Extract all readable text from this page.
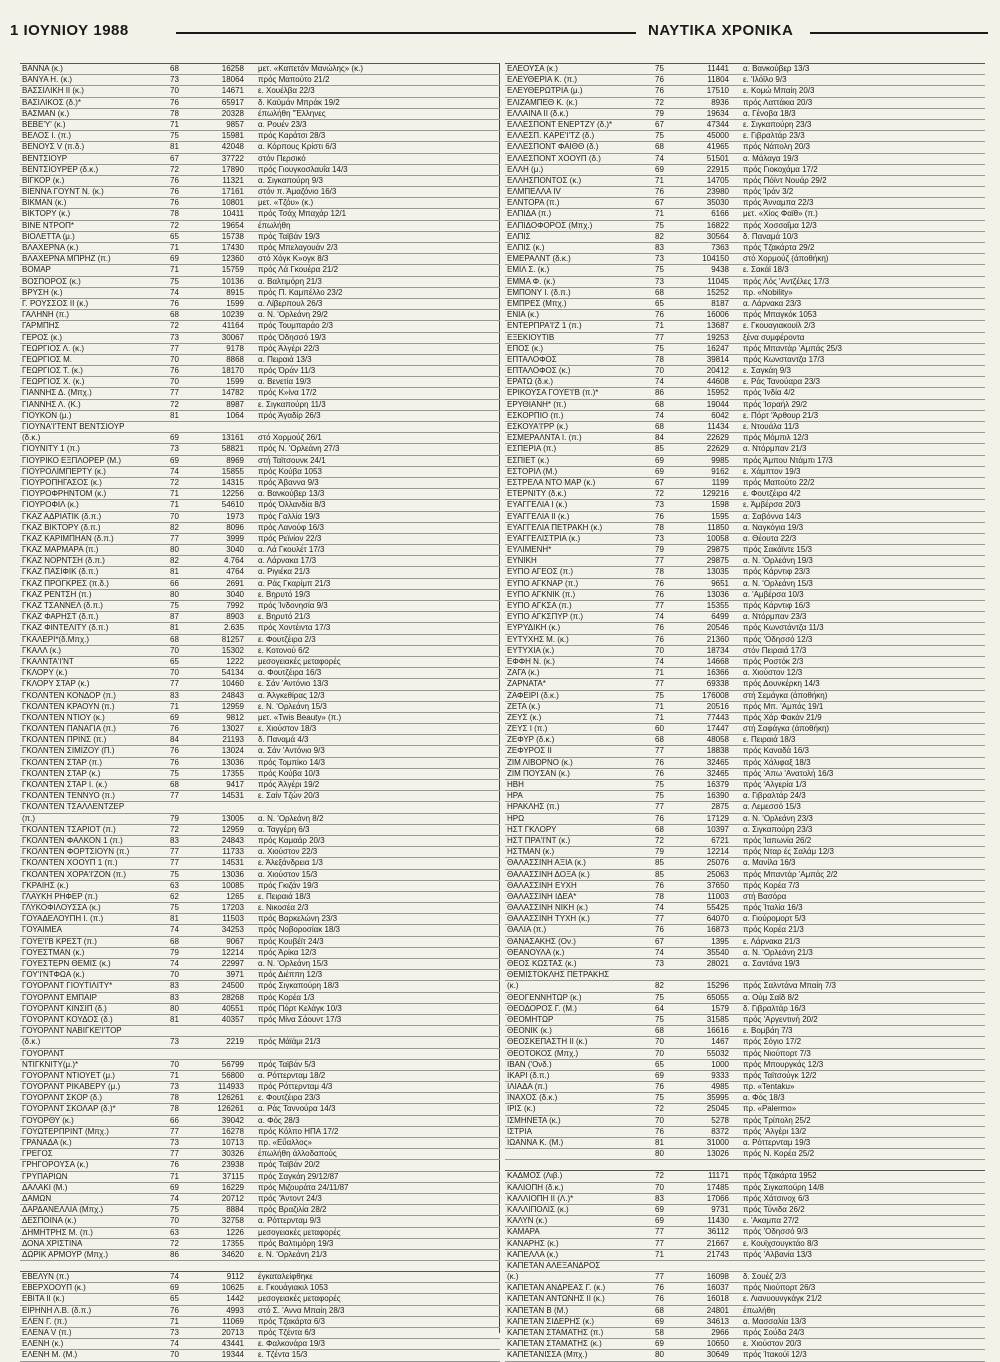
1 ΙΟΥΝΙΟΥ 1988	ΝΑΥΤΙΚΑ ΧΡΟΝΙΚΑ
ΒΑΝΝΑ (κ.)	68	16258 μετ. «Καπετάν Μανώλης» (κ.)
ΒΑΝΥΑ Η. (κ.)	73	18064 πρός Μαπούτο 21/2
ΒΑΣΣΙΛΙΚΗ ΙΙ (κ.)	70	14671 ε. Χουέλβα 22/3
ΒΑΣΙΛΙΚΟΣ (δ.)*	76	65917 δ. Καϋμάν Μπράκ 19/2
ΒΑΣΜΑΝ (κ.)	78	20328 έπωλήθη "Έλληνες
ΒΕΒΕ'Υ' (κ.)	71	9857 α. Ρουέν 23/3
ΒΕΛΟΣ Ι. (π.)	75	15981 πρός Καράτσι 28/3
ΒΕΝΟΥΣ V (π.δ.)	81	42048 α. Κόρπους Κρίστι 6/3
ΒΕΝΤΣΙΟΥΡ	67	37722 στόν Περσικό
ΒΕΝΤΣΙΟΥΡΕΡ (δ.κ.)	72	17890 πρός Γιουγκοσλαυΐα 14/3
ΒΙΓΚΟΡ (κ.)	76	11321 α. Σιγκαπούρη 9/3
ΒΙΕΝΝΑ ΓΟΥΝΤ Ν. (κ.)	76	17161 στόν π. Άμαζόνιο 16/3
ΒΙΚΜΑΝ (κ.)	76	10801 μετ. «Τζόυ» (κ.)
ΒΙΚΤΟΡΥ (κ.)	78	10411 πρός Τσάχ Μπαχάρ 12/1
ΒΙΝΕ ΝΤΡΟΠ*	72	19654 έπωλήθη
ΒΙΟΛΕΤΤΑ (μ.)	65	15738 πρός Ταϊβάν 19/3
ΒΛΑΧΕΡΝΑ (κ.)	71	17430 πρός Μπελαγουάν 2/3
ΒΛΑΧΕΡΝΑ ΜΠΡΗΖ (π.)	69	12360 στό Χόγκ Κ»ογκ 8/3
ΒΟΜΑΡ	71	15759 πρός Λά Γκουέρα 21/2
ΒΟΣΠΟΡΟΣ (κ.)	75	10136 α. Βαλτιμόρη 21/3
ΒΡΥΣΗ (κ.)	74	8915 πρός Π. Καμπέλλο 23/2
Γ. ΡΟΥΣΣΟΣ ΙΙ (κ.)	76	1599 α. Λίβερπουλ 26/3
ΓΑΛΗΝΗ (π.)	68	10239 α. Ν. 'Ορλεάνη 29/2
ΓΑΡΜΠΗΣ	72	41164 πρός Τουμπαράο 2/3
ΓΕΡΟΣ (κ.)	73	30067 πρός Όδησσό 19/3
ΓΕΩΡΓΙΟΣ Λ. (κ.)	77	9178 πρός Άλγέρι 22/3
ΓΕΩΡΓΙΟΣ Μ.	70	8868 α. Πειραιά 13/3
ΓΕΩΡΓΙΟΣ Τ. (κ.)	76	18170 πρός Όράν 11/3
ΓΕΩΡΓΙΟΣ Χ. (κ.)	70	1599 α. Βενετία 19/3
ΓΙΑΝΝΗΣ Δ. (Μπχ.)	77	14782 πρός Κ»ίνα 17/2
ΓΙΑΝΝΗΣ Λ. (Κ.)	72	8987 ε. Σιγκαπούρη 11/3
ΓΙΟΥΚΟΝ (μ.)	81	1064 πρός Άγαδίρ 26/3
ΓΙΟΥΝΑ'Ι'ΤΕΝΤ ΒΕΝΤΣΙΟΥΡ
(δ.κ.)	69	13161 στό Χορμούζ 26/1
ΓΙΟΥΝΙΤΥ 1 (π.)	73	58821 πρός Ν. 'Ορλεάνη 27/3
ΓΙΟΥΡΙΚΟ ΕΞΠΛΟΡΕΡ (Μ.)	69	8969 στή Ταϊτσουνκ 24/1
ΓΙΟΥΡΟΛΙΜΠΕΡΤΥ (κ.)	74	15855 πρός Κούβα 1053
ΓΙΟΥΡΟΠΗΓΑΣΟΣ (κ.)	72	14315 πρός Άβαννα 9/3
ΓΙΟΥΡΟΦΡΗΝΤΟΜ (κ.)	71	12256 α. Βανκούβερ 13/3
ΓΙΟΥΡΟΦΙΛ (κ.)	71	54610 πρός Όλλανδία 8/3
ΓΚΑΖ ΑΔΡΙΑΤΙΚ (δ.π.)	70	1973 πρός Γαλλία 19/3
ΓΚΑΖ ΒΙΚΤΟΡΥ (δ.π.)	82	8096 πρός Λανούφ 16/3
ΓΚΑΖ ΚΑΡΙΜΠΗΑΝ (δ.π.)	77	3999 πρός Ρεϊνίον 22/3
ΓΚΑΖ ΜΑΡΜΑΡΑ (π.)	80	3040 α. Λά Γκουλέτ 17/3
ΓΚΑΖ ΝΟΡΝΤΣΗ (δ.π.)	82	4.764 α. Λάρνακα 17/3
ΓΚΑΖ ΠΑΣΙΦΙΚ (δ.π.)	81	4764 α. Ριγιέκα 21/3
ΓΚΑΖ ΠΡΟΓΚΡΕΣ (π.δ.)	66	2691 α. Ράς Γκαρίμπ 21/3
ΓΚΑΖ ΡΕΝΤΣΗ (π.)	80	3040 ε. Βηρυτό 19/3
ΓΚΑΖ ΤΣΑΝΝΕΛ (δ.π.)	75	7992 πρός Ίνδονησία 9/3
ΓΚΑΖ ΦΑΡΗΣΤ (δ.π.)	87	8903 ε. Βηρυτό 21/3
ΓΚΑΖ ΦΙΝΤΕΛΙΤΥ (δ.π.)	81	2.635 πρός Χοντέιντα 17/3
ΓΚΑΛΕΡΙ*(δ.Μπχ.)	68	81257 ε. Φουτζέιρα 2/3
ΓΚΑΛΛ (κ.)	70	15302 ε. Κοτονού 6/2
ΓΚΑΛΝΤΑ'Ι'ΝΤ	65	1222 μεσογειακές μεταφορές
ΓΚΛΟΡΥ (κ.)	70	54134 α. Φουτζέιρα 16/3
ΓΚΛΟΡΥ ΣΤΑΡ (κ.)	77	10460 ε. Σάν 'Αντόνιο 13/3
ΓΚΟΛΝΤΕΝ ΚΟΝΔΟΡ (π.)	83	24843 α. Άλγκεθίρας 12/3
ΓΚΟΛΝΤΕΝ ΚΡΑΟΥΝ (π.)	71	12959 ε. Ν. 'Ορλεάνη 15/3
ΓΚΟΛΝΤΕΝ ΝΤΙΟΥ (κ.)	69	9812 μετ. «Twis Beauty» (π.)
ΓΚΟΛΝΤΕΝ ΠΑΝΑΓΙΑ (π.)	76	13027 ε. Χιούστον 18/3
ΓΚΟΛΝΤΕΝ ΠΡΙΝΣ (π.)	84	21193 δ. Παναμά 4/3
ΓΚΟΛΝΤΕΝ ΣΙΜΙΖΟΥ (Π.)	76	13024 α. Σάν 'Αντόνιο 9/3
ΓΚΟΛΝΤΕΝ ΣΤΑΡ (π.)	76	13036 πρός Τομπίκο 14/3
ΓΚΟΛΝΤΕΝ ΣΤΑΡ (κ.)	75	17355 πρός Κούβα 10/3
ΓΚΟΛΝΤΕΝ ΣΤΑΡ Ι. (κ.)	68	9417 πρός Άλγέρι 19/2
ΓΚΟΛΝΤΕΝ ΤΕΝΝΥΟ (π.)	77	14531 ε. Σαίν Τζών 20/3
ΓΚΟΛΝΤΕΝ ΤΣΑΛΛΕΝΤΖΕΡ
(π.)	79	13005 α. Ν. 'Ορλεάνη 8/2
ΓΚΟΛΝΤΕΝ ΤΣΑΡΙΟΤ (π.)	72	12959 α. Ταγγέρη 6/3
ΓΚΟΛΝΤΕΝ ΦΑΛΚΟΝ 1 (π.)	83	24843 πρός Καμαάρ 20/3
ΓΚΟΛΝΤΕΝ ΦΟΡΤΣΙΟΥΝ (π.)	77	11733 α. Χιούστον 22/3
ΓΚΟΛΝΤΕΝ ΧΟΟΥΠ 1 (π.)	77	14531 ε. Άλεξάνδρεια 1/3
ΓΚΟΛΝΤΕΝ ΧΟΡΑ'Ι'ΖΟΝ (π.)	75	13036 α. Χιούστον 15/3
ΓΚΡΑΙΗΣ (κ.)	63	10085 πρός Γκιζάν 19/3
ΓΛΑΥΚΗ ΡΗΦΕΡ (π.)	62	1265 ε. Πειραιά 18/3
ΓΛΥΚΟΦΙΛΟΥΣΣΑ (κ.)	75	17203 ε. Νικοσέα 2/3
ΓΟΥΑΔΕΛΟΥΠΗ Ι. (π.)	81	11503 πρός Βαρκελώνη 23/3
ΓΟΥΑΙΜΕΑ	74	34253 πρός Νοβοροσίακ 18/3
ΓΟΥΕ'Ι'Β ΚΡΕΣΤ (π.)	68	9067 πρός Κουβέϊτ 24/3
ΓΟΥΕΣΤΜΑΝ (κ.)	79	12214 πρός Άρίκα 12/3
ΓΟΥΕΣΤΕΡΝ ΘΕΜΙΣ (κ.)	74	22997 α. Ν. 'Ορλεάνη 15/3
ΓΟΥ'Ι'ΝΤΦΩΑ (κ.)	70	3971 πρός Διέππη 12/3
ΓΟΥΟΡΛΝΤ ΓΙΟΥΤΙΛΙΤΥ*	83	24500 πρός Σιγκαπούρη 18/3
ΓΟΥΟΡΛΝΤ ΕΜΠΑΙΡ	83	28268 πρός Κορέα 1/3
ΓΟΥΟΡΛΝΤ ΚΙΝΣΙΠ (δ.)	80	40551 πρός Πόρτ Κελάγκ 10/3
ΓΟΥΟΡΛΝΤ ΚΟΥΔΟΣ (δ.)	81	40357 πρός Μίνα Σάουντ 17/3
ΓΟΥΟΡΛΝΤ ΝΑΒΙΓΚΕ'Ι'ΤΟΡ
(δ.κ.)	73	2219 πρός Μάϊάμι 21/3
ΓΟΥΟΡΛΝΤ
ΝΤΙΓΚΝΙΤΥ(μ.)*	70	56799 πρός Ταϊβάν 5/3
ΓΟΥΟΡΛΝΤ ΝΤΙΟΥΕΤ (μ.)	71	56800 α. Ρόττερνταμ 18/2
ΓΟΥΟΡΛΝΤ ΡΙΚΑΒΕΡΥ (μ.)	73	114933 πρός Ρόττερνταμ 4/3
ΓΟΥΟΡΛΝΤ ΣΚΟΡ (δ.)	78	126261 ε. Φουτζέιρα 23/3
ΓΟΥΟΡΛΝΤ ΣΚΟΛΑΡ (δ.)*	78	126261 α. Ράς Ταννούρα 14/3
ΓΟΥΟΡΘΥ (κ.)	66	39042 α. Φός 28/3
ΓΟΥΩΤΕΡΠΡΙΝΤ (Μπχ.)	77	16278 πρός Κόλπο ΗΠΑ 17/2
ΓΡΑΝΑΔΑ (κ.)	73	10713 πρ. «Εὔαλλος»
ΓΡΕΓΟΣ	77	30326 έπωλήθη άλλοδαπούς
ΓΡΗΓΟΡΟΥΣΑ (κ.)	76	23938 πρός Ταϊβάν 20/2
ΓΡΥΠΑΡΙΩΝ	71	37115 πρός Σαγκάη 29/12/87
ΔΑΛΑΚΙ (Μ.)	69	16229 πρός Μιζουράτα 24/11/87
ΔΑΜΩΝ	74	20712 πρός 'Άντοντ 24/3
ΔΑΡΔΑΝΕΛΛΙΑ (Μπχ.)	75	8884 πρός Βραζιλία 28/2
ΔΕΣΠΟΙΝΑ (κ.)	70	32758 α. Ρόττερνταμ 9/3
ΔΗΜΗΤΡΗΣ Μ. (π.)	63	1226 μεσογειακές μεταφορές
ΔΟΝΑ ΧΡΙΣΤΙΝΑ	72	17355 πρός Βαλτιμόρη 19/3
ΔΩΡΙΚ ΑΡΜΟΥΡ (Μπχ.)	86	34620 ε. Ν. 'Ορλεάνη 21/3
ΕΒΕΛΥΝ (π.)	74	9112 έγκαταλείφθηκε
ΕΒΕΡΧΟΟΥΠ (κ.)	69	10625 ε. Γκουάγιακιλ 1053
ΕΒΙΤΑ ΙΙ (κ.)	65	1442 μεσογειακές μεταφορές
ΕΙΡΗΝΗ Λ.Β. (δ.π.)	76	4993 στό Σ. 'Αννα Μπαίη 28/3
ΕΛΕΝ Γ. (π.)	71	11069 πρός Τζακάρτα 6/3
ΕΛΕΝΑ V (π.)	73	20713 πρός Τζέντα 6/3
ΕΛΕΝΗ (κ.)	74	43441 ε. Φαλκονάρα 19/3
ΕΛΕΝΗ Μ. (Μ.)	70	19344 ε. Τζέντα 15/3
ΕΛΕΟΥΣΑ (κ.)	75	11441 α. Βανκούβερ 13/3
ΕΛΕΥΘΕΡΙΑ Κ. (π.)	76	11804 ε. 'Ιλόϊλο 9/3
ΕΛΕΥΘΕΡΩΤΡΙΑ (μ.)	76	17510 ε. Κομώ Μπαίη 20/3
ΕΛΙΖΑΜΠΕΘ Κ. (κ.)	72	8936 πρός Λαττάκια 20/3
ΕΛΛΑΙΝΑ ΙΙ (δ.κ.)	79	19634 α. Γένοβα 18/3
ΕΛΛΕΣΠΟΝΤ ΕΝΕΡΤΖΥ (δ.)*	67	47344 ε. Σιγκαπούρη 23/3
ΕΛΛΕΣΠ. ΚΑΡΕ'Ι'ΤΖ (δ.)	75	45000 ε. Γιβραλτάρ 23/3
ΕΛΛΕΣΠΟΝΤ ΦΑΙΘΘ (δ.)	68	41965 πρός Νάπολη 20/3
ΕΛΛΕΣΠΟΝΤ ΧΟΟΥΠ (δ.)	74	51501 α. Μάλαγα 19/3
ΕΛΛΗ (μ.)	69	22915 πρός Γιοκοχάμα 17/2
ΕΛΛΗΣΠΟΝΤΟΣ (κ.)	71	14705 πρός Πόϊντ Νουάρ 29/2
ΕΛΜΠΕΛΛΑ IV	76	23980 πρός Ίράν 3/2
ΕΛΝΤΟΡΑ (π.)	67	35030 πρός Άνναμπα 22/3
ΕΛΠΙΔΑ (π.)	71	6166 μετ. «Χίος Φαϊθ» (π.)
ΕΛΠΙΔΟΦΟΡΟΣ (Μπχ.)	75	16822 πρός Χοσσαΐμα 12/3
ΕΛΠΙΣ	82	30564 δ. Παναμά 10/3
ΕΛΠΙΣ (κ.)	83	7363 πρός Τζακάρτα 29/2
ΕΜΕΡΑΛΝΤ (δ.κ.)	73	104150 στό Χορμούζ (άποθήκη)
ΕΜΙΛ Σ. (κ.)	75	9438 ε. Σακάϊ 18/3
ΕΜΜΑ Φ. (κ.)	73	11045 πρός Λός 'Αντζέλες 17/3
ΕΜΠΟΝΥ Ι. (δ.π.)	68	15252 πρ. «Nobility»
ΕΜΠΡΕΣ (Μπχ.)	65	8187 α. Λάρνακα 23/3
ΕΝΙΑ (κ.)	76	16006 πρός Μπαγκόκ 1053
ΕΝΤΕΡΠΡΑ'Ι'Ζ 1 (π.)	71	13687 ε. Γκουαγιακουίλ 2/3
ΕΞΕΚΙΟΥΤΙΒ	77	19253 ξένα συμφέροντα
ΕΠΟΣ (κ.)	75	16247 πρός Μπαντάρ 'Αμπάς 25/3
ΕΠΤΑΛΟΦΟΣ	78	39814 πρός Κωνσταντζα 17/3
ΕΠΤΑΛΟΦΟΣ (κ.)	70	20412 ε. Σαγκάη 9/3
ΕΡΑΤΩ (δ.κ.)	74	44608 ε. Ράς Τανούαρα 23/3
ΕΡΙΚΟΥΣΑ ΓΟΥΕ'Ι'Β (π.)*	86	15952 πρός Ίνδία 4/2
ΕΡΥΘΙΑΝΗ* (π.)	68	19044 πρός Ίσραήλ 29/2
ΕΣΚΟΡΠΙΟ (π.)	74	6042 ε. Πόρτ 'Άρθουρ 21/3
ΕΣΚΟΥΑ'Ι'ΡΡ (κ.)	68	11434 ε. Ντουάλα 11/3
ΕΣΜΕΡΑΛΝΤΑ Ι. (π.)	84	22629 πρός Μόμπιλ 12/3
ΕΣΠΕΡΙΑ (π.)	85	22629 α. Ντόρμπαν 21/3
ΕΣΠΙΕΤ (κ.)	69	9985 πρός Άμπου Ντάμπι 17/3
ΕΣΤΟΡΙΛ (Μ.)	69	9162 ε. Χάμπτον 19/3
ΕΣΤΡΕΛΑ ΝΤΟ ΜΑΡ (κ.)	67	1199 πρός Μαπούτο 22/2
ΕΤΕΡΝΙΤΥ (δ.κ.)	72	129216 ε. Φουτζέιρα 4/2
ΕΥΑΓΓΕΛΙΑ Ι (κ.)	73	1598 ε. Άμβέρσα 20/3
ΕΥΑΓΓΕΛΙΑ ΙΙ (κ.)	76	1595 α. Σαβόννα 14/3
ΕΥΑΓΓΕΛΙΑ ΠΕΤΡΑΚΗ (κ.)	78	11850 α. Ναγκόγια 19/3
ΕΥΑΓΓΕΛΙΣΤΡΙΑ (κ.)	73	10058 α. Θέουτα 22/3
ΕΥΛΙΜΕΝΗ*	79	29875 πρός Σακάϊντε 15/3
ΕΥΝΙΚΗ	77	29875 α. Ν. 'Ορλεάνη 19/3
ΕΥΠΟ ΑΓΕΟΣ (π.)	78	13035 πρός Κάρντιφ 23/3
ΕΥΠΟ ΑΓΚΝΑΡ (π.)	76	9651 α. Ν. 'Ορλεάνη 15/3
ΕΥΠΟ ΑΓΚΝΙΚ (π.)	76	13036 α. 'Αμβέρσα 10/3
ΕΥΠΟ ΑΓΚΣΑ (π.)	77	15355 πρός Κάρντιφ 16/3
ΕΥΠΟ ΑΓΚΣΠΥΡ (π.)	74	6499 α. Ντόρμπαν 23/3
ΕΥΡΥΔΙΚΗ (κ.)	76	20546 πρός Κωνστάντζα 11/3
ΕΥΤΥΧΗΣ Μ. (κ.)	76	21360 πρός 'Οδησσό 12/3
ΕΥΤΥΧΙΑ (κ.)	70	18734 στόν Πειραιά 17/3
ΕΦΦΗ Ν. (κ.)	74	14668 πρός Ροστόκ 2/3
ΖΑΓΑ (κ.)	71	16366 α. Χιούστον 12/3
ΖΑΡΝΑΤΑ*	77	69338 πρός Δουνκέρκη 14/3
ΖΑΦΕΙΡΙ (δ.κ.)	75	176008 στή Σεμάγκα (άποθήκη)
ΖΕΤΑ (κ.)	71	20516 πρός Μπ. 'Αμπάς 19/1
ΖΕΥΣ (κ.)	71	77443 πρός Χάρ Φακάν 21/9
ΖΕΥΣ Ι (π.)	60	17447 στή Σαφάγκα (άποθήκη)
ΖΕΦΥΡ (δ.κ.)	68	48058 ε. Πειραιά 18/3
ΖΕΦΥΡΟΣ ΙΙ	77	18838 πρός Καναδά 16/3
ΖΙΜ ΛΙΒΟΡΝΟ (κ.)	76	32465 πρός Χάλιφαξ 18/3
ΖΙΜ ΠΟΥΣΑΝ (κ.)	76	32465 πρός 'Απω 'Ανατολή 16/3
ΗΒΗ	75	16379 πρός 'Αλγερία 1/3
ΗΡΑ	75	16390 α. Γιβραλτάρ 24/3
ΗΡΑΚΛΗΣ (π.)	77	2875 α. Λεμεσσό 15/3
ΗΡΩ	76	17129 α. Ν. 'Ορλεάνη 23/3
ΗΣΤ ΓΚΛΟΡΥ	68	10397 α. Σιγκαπούρη 23/3
ΗΣΤ ΠΡΑ'Ι'ΝΤ (κ.)	72	6721 πρός Ίαπωνία 26/2
ΗΣΤΜΑΝ (κ.)	79	12214 πρός Νταρ ές Σαλάμ 12/3
ΘΑΛΑΣΣΙΝΗ ΑΞΙΑ (κ.)	85	25076 α. Μανίλα 16/3
ΘΑΛΑΣΣΙΝΗ ΔΟΞΑ (κ.)	85	25063 πρός Μπαντάρ 'Αμπάς 2/2
ΘΑΛΑΣΣΙΝΗ ΕΥΧΗ	76	37650 πρός Κορέα 7/3
ΘΑΛΑΣΣΙΝΗ ΙΔΕΑ*	78	11003 στή Βασόρα
ΘΑΛΑΣΣΙΝΗ ΝΙΚΗ (κ.)	74	55425 πρός Ίταλία 16/3
ΘΑΛΑΣΣΙΝΗ ΤΥΧΗ (κ.)	77	64070 α. Γιούρομορτ 5/3
ΘΑΛΙΑ (π.)	76	16873 πρός Κορέα 21/3
ΘΑΝΑΣΑΚΗΣ (Ον.)	67	1395 ε. Λάρνακα 21/3
ΘΕΑΝΟΥΛΑ (κ.)	74	35540 α. Ν. 'Ορλεάνη 21/3
ΘΕΟΣ ΚΩΣΤΑΣ (κ.)	73	28021 α. Σαντάνα 19/3
ΘΕΜΙΣΤΟΚΛΗΣ ΠΕΤΡΑΚΗΣ
(κ.)	82	15296 πρός Σαλντάνα Μπαίη 7/3
ΘΕΟΓΕΝΝΗΤΩΡ (κ.)	75	65055 α. Ούμ Σαϊδ 8/2
ΘΕΟΔΟΡΟΣ Γ. (Μ.)	64	1579 δ. Γιβραλτάρ 16/3
ΘΕΟΜΗΤΩΡ	75	31585 πρός 'Αργεντινή 20/2
ΘΕΟΝΙΚ (κ.)	68	16616 ε. Βομβάη 7/3
ΘΕΟΣΚΕΠΑΣΤΗ ΙΙ (κ.)	70	1467 πρός Σόγιο 17/2
ΘΕΟΤΟΚΟΣ (Μπχ.)	70	55032 πρός Νιούπορτ 7/3
ΙΒΑΝ ('Ονδ.)	65	1000 πρός Μπουργκάς 12/3
ΙΚΑΡΙ (δ.π.)	69	9333 πρός Ταϊτσούγκ 12/2
ΙΛΙΑΔΑ (π.)	76	4985 πρ. «Tentaku»
ΙΝΑΧΟΣ (δ.κ.)	75	35995 α. Φός 18/3
ΙΡΙΣ (κ.)	72	25045 πρ. «Palermo»
ΙΣΜΗΝΕΤΑ (κ.)	70	5278 πρός Τρίπολη 25/2
ΙΣΤΡΙΑ	76	8372 πρός 'Αλγέρι 13/2
ΙΩΑΝΝΑ Κ. (Μ.)	81	31000 α. Ρόττερνταμ 19/3
80	13026 πρός Ν. Κορέα 25/2
ΚΑΔΜΟΣ (Λιβ.)	72	11171 πρός Τζακάρτα 1952
ΚΑΛΙΟΠΗ (δ.κ.)	70	17485 πρός Σιγκαπούρη 14/8
ΚΑΛΛΙΟΠΗ ΙΙ (Λ.)*	83	17066 πρός Χάτσινοχ 6/3
ΚΑΛΛΙΠΟΛΙΣ (κ.)	69	9731 πρός Τύνιδα 26/2
ΚΑΛΥΝ (κ.)	69	11430 ε. 'Ακαμπα 27/2
ΚΑΜΑΡΑ	77	36112 πρός 'Οδησσό 9/3
ΚΑΝΑΡΗΣ (κ.)	77	21667 ε. Κουϊχσουγκτάο 8/3
ΚΑΠΕΛΛΑ (κ.)	71	21743 πρός 'Αλβανία 13/3
ΚΑΠΕΤΑΝ ΑΛΕΞΑΝΔΡΟΣ
(κ.)	77	16098 δ. Σουέζ 2/3
ΚΑΠΕΤΑΝ ΑΝΔΡΕΑΣ Γ. (κ.)	76	16037 πρός Νιούπορτ 26/3
ΚΑΠΕΤΑΝ ΑΝΤΩΝΗΣ ΙΙ (κ.)	76	16018 ε. Λιανυουνγκάγκ 21/2
ΚΑΠΕΤΑΝ Β (Μ.)	68	24801 έπωλήθη
ΚΑΠΕΤΑΝ ΣΙΔΕΡΗΣ (κ.)	69	34613 α. Μασσαλία 13/3
ΚΑΠΕΤΑΝ ΣΤΑΜΑΤΗΣ (π.)	58	2966 πρός Σούδα 24/3
ΚΑΠΕΤΑΝ ΣΤΑΜΑΤΗΣ (κ.)	69	10650 ε. Χιούστον 20/3
ΚΑΠΕΤΑΝΙΣΣΑ (Μπχ.)	80	30649 πρός Ίτακούϊ 12/3
